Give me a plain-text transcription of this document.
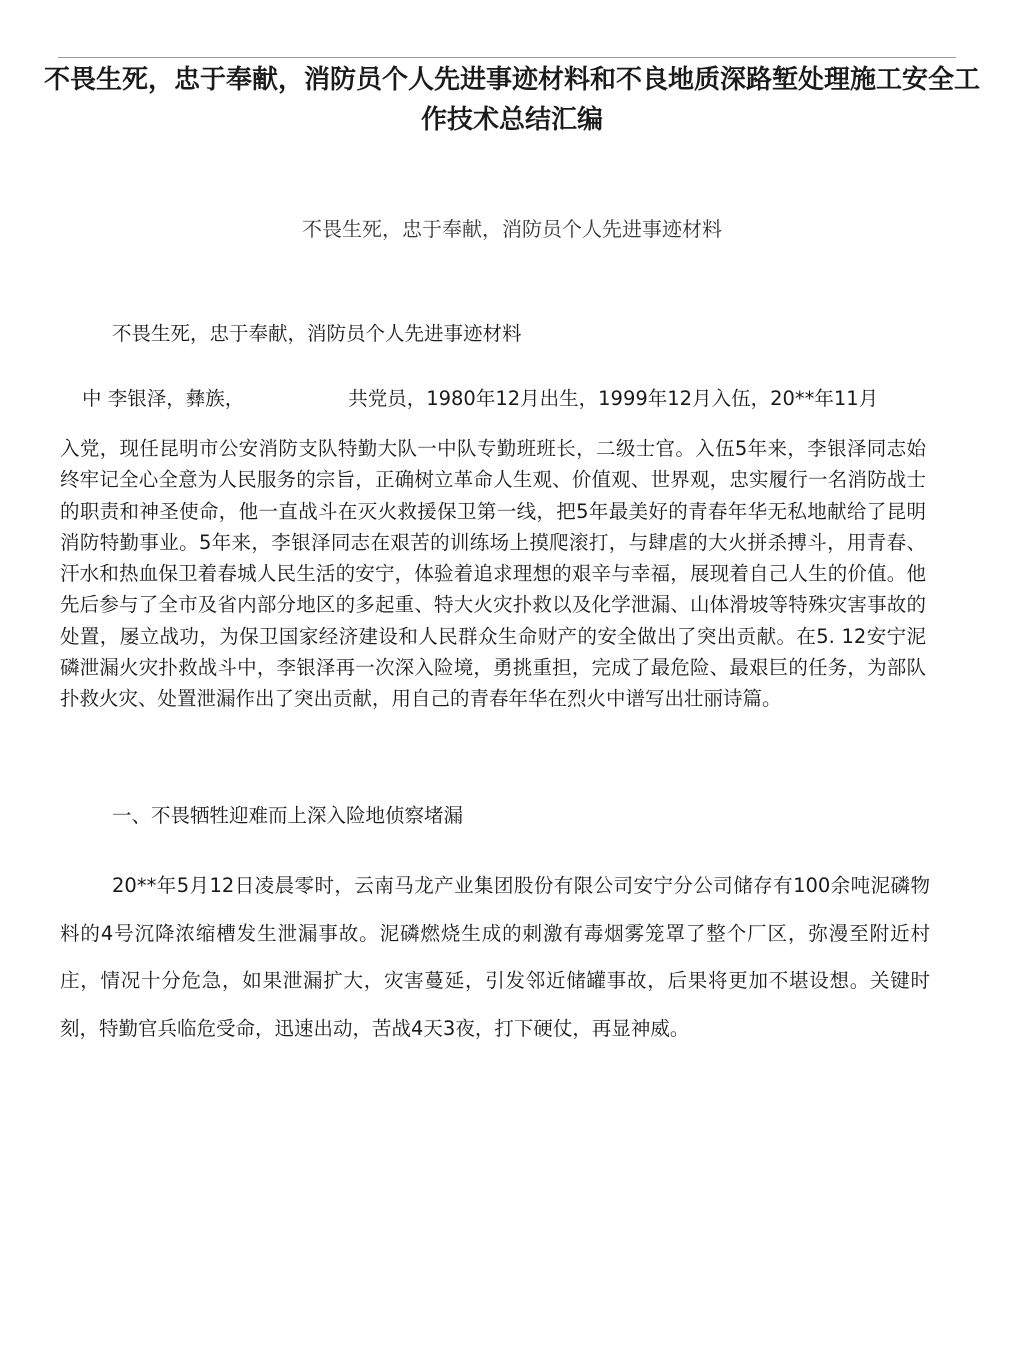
不畏生死，忠于奉献，消防员个人先进事迹材料和不良地质深路堑处理施工安全工作技术总结汇编

不畏生死，忠于奉献，消防员个人先进事迹材料

不畏生死，忠于奉献，消防员个人先进事迹材料

中 李银泽，彝族，	共党员，1980年12月出生，1999年12月入伍，20**年11月

入党，现任昆明市公安消防支队特勤大队一中队专勤班班长，二级士官。入伍5年来，李银泽同志始终牢记全心全意为人民服务的宗旨，正确树立革命人生观、价值观、世界观，忠实履行一名消防战士的职责和神圣使命，他一直战斗在灭火救援保卫第一线，把5年最美好的青春年华无私地献给了昆明消防特勤事业。5年来，李银泽同志在艰苦的训练场上摸爬滚打，与肆虐的大火拼杀搏斗，用青春、汗水和热血保卫着春城人民生活的安宁，体验着追求理想的艰辛与幸福，展现着自己人生的价值。他先后参与了全市及省内部分地区的多起重、特大火灾扑救以及化学泄漏、山体滑坡等特殊灾害事故的处置，屡立战功，为保卫国家经济建设和人民群众生命财产的安全做出了突出贡献。在5. 12安宁泥磷泄漏火灾扑救战斗中，李银泽再一次深入险境，勇挑重担，完成了最危险、最艰巨的任务，为部队扑救火灾、处置泄漏作出了突出贡献，用自己的青春年华在烈火中谱写出壮丽诗篇。

一、不畏牺牲迎难而上深入险地侦察堵漏

20**年5月12日凌晨零时，云南马龙产业集团股份有限公司安宁分公司储存有100余吨泥磷物料的4号沉降浓缩槽发生泄漏事故。泥磷燃烧生成的刺激有毒烟雾笼罩了整个厂区，弥漫至附近村庄，情况十分危急，如果泄漏扩大，灾害蔓延，引发邻近储罐事故，后果将更加不堪设想。关键时刻，特勤官兵临危受命，迅速出动，苦战4天3夜，打下硬仗，再显神威。
